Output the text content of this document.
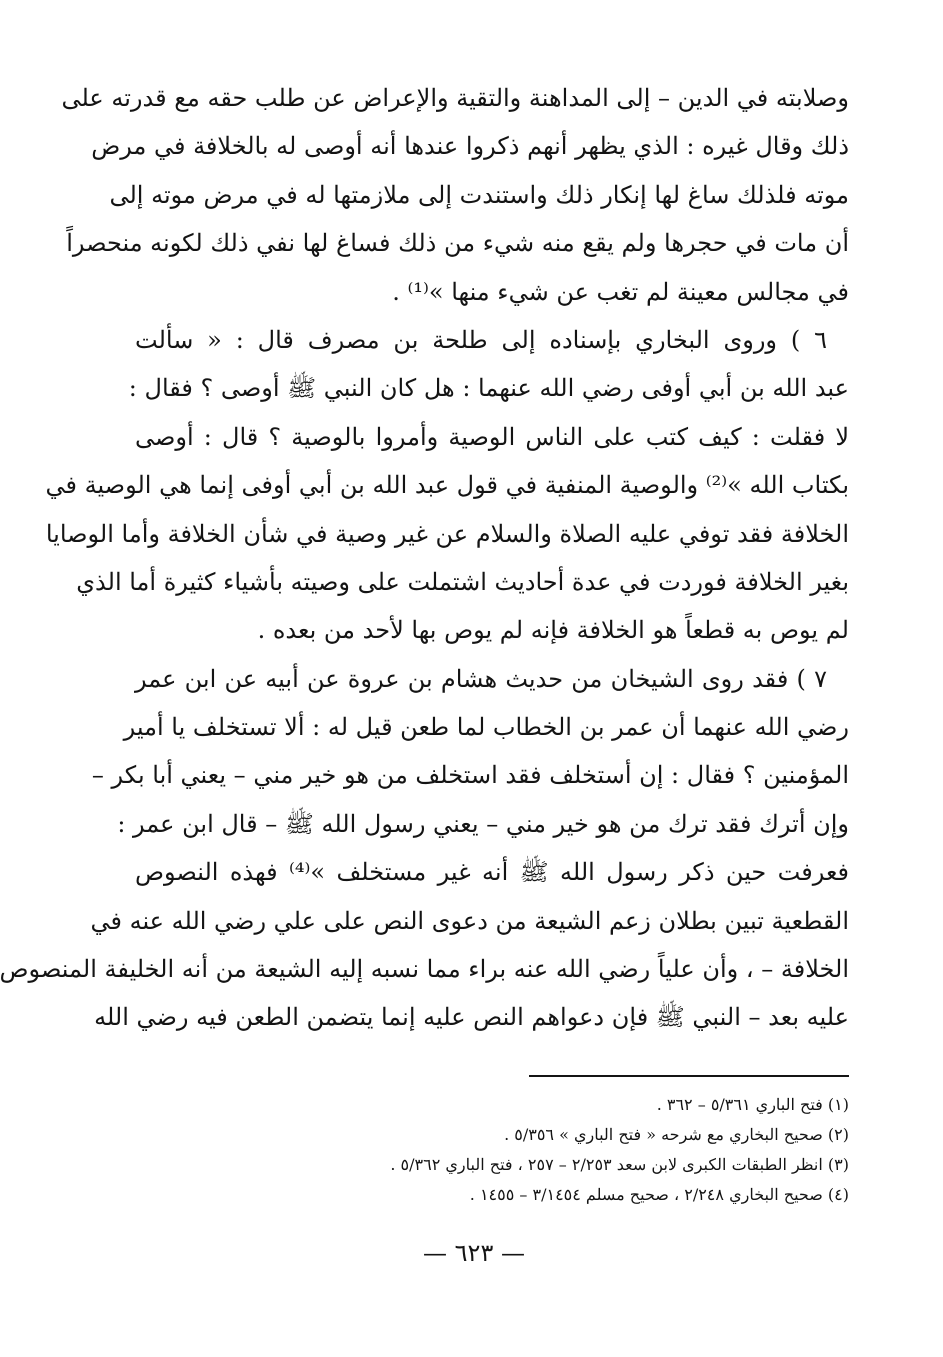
وصلابته في الدين – إلى المداهنة والتقية والإعراض عن طلب حقه مع قدرته على
ذلك وقال غيره : الذي يظهر أنهم ذكروا عندها أنه أوصى له بالخلافة في مرض
موته فلذلك ساغ لها إنكار ذلك واستندت إلى ملازمتها له في مرض موته إلى
أن مات في حجرها ولم يقع منه شيء من ذلك فساغ لها نفي ذلك لكونه منحصراً
في مجالس معينة لم تغب عن شيء منها »⁽¹⁾ .
٦ ) وروى البخاري بإسناده إلى طلحة بن مصرف قال : « سألت
عبد الله بن أبي أوفى رضي الله عنهما : هل كان النبي ﷺ أوصى ؟ فقال :
لا فقلت : كيف كتب على الناس الوصية وأمروا بالوصية ؟ قال : أوصى
بكتاب الله »⁽²⁾ والوصية المنفية في قول عبد الله بن أبي أوفى إنما هي الوصية في
الخلافة فقد توفي عليه الصلاة والسلام عن غير وصية في شأن الخلافة وأما الوصايا
بغير الخلافة فوردت في عدة أحاديث اشتملت على وصيته بأشياء كثيرة أما الذي
لم يوص به قطعاً هو الخلافة فإنه لم يوص بها لأحد من بعده .
٧ ) فقد روى الشيخان من حديث هشام بن عروة عن أبيه عن ابن عمر
رضي الله عنهما أن عمر بن الخطاب لما طعن قيل له : ألا تستخلف يا أمير
المؤمنين ؟ فقال : إن أستخلف فقد استخلف من هو خير مني – يعني أبا بكر –
وإن أترك فقد ترك من هو خير مني – يعني رسول الله ﷺ – قال ابن عمر :
فعرفت حين ذكر رسول الله ﷺ أنه غير مستخلف »⁽⁴⁾ فهذه النصوص
القطعية تبين بطلان زعم الشيعة من دعوى النص على علي رضي الله عنه في
الخلافة – ، وأن علياً رضي الله عنه براء مما نسبه إليه الشيعة من أنه الخليفة المنصوص
عليه بعد – النبي ﷺ فإن دعواهم النص عليه إنما يتضمن الطعن فيه رضي الله
(١) فتح الباري ٥/٣٦١ – ٣٦٢ .
(٢) صحيح البخاري مع شرحه « فتح الباري » ٥/٣٥٦ .
(٣) انظر الطبقات الكبرى لابن سعد ٢/٢٥٣ – ٢٥٧ ، فتح الباري ٥/٣٦٢ .
(٤) صحيح البخاري ٢/٢٤٨ ، صحيح مسلم ٣/١٤٥٤ – ١٤٥٥ .
— ٦٢٣ —
